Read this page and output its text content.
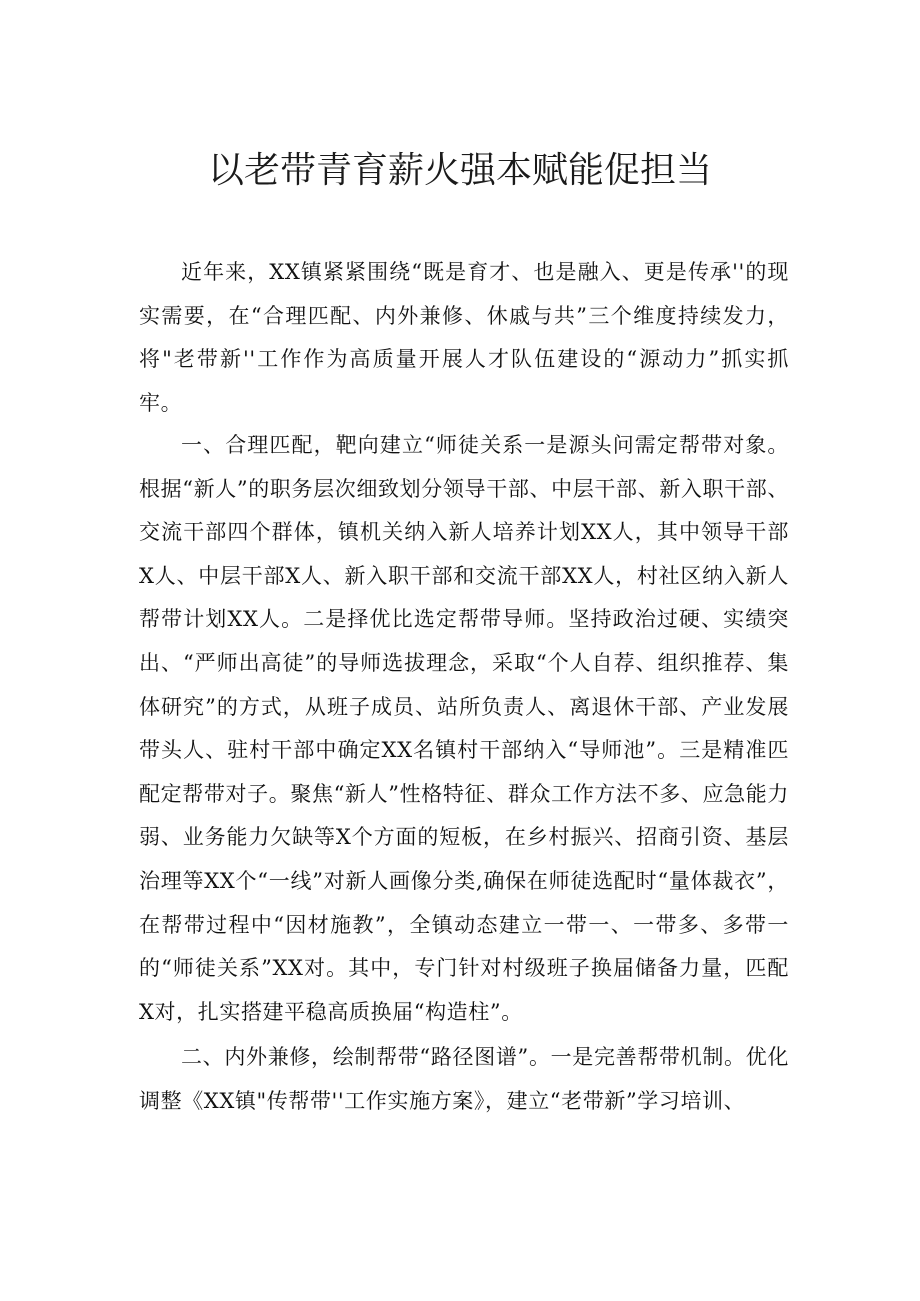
以老带青育薪火强本赋能促担当

近年来，XX镇紧紧围绕“既是育才、也是融入、更是传承''的现实需要，在“合理匹配、内外兼修、休戚与共”三个维度持续发力，将"老带新''工作作为高质量开展人才队伍建设的“源动力”抓实抓牢。

一、合理匹配，靶向建立“师徒关系一是源头问需定帮带对象。根据“新人”的职务层次细致划分领导干部、中层干部、新入职干部、交流干部四个群体，镇机关纳入新人培养计划XX人，其中领导干部X人、中层干部X人、新入职干部和交流干部XX人，村社区纳入新人帮带计划XX人。二是择优比选定帮带导师。坚持政治过硬、实绩突出、“严师出高徒”的导师选拔理念，采取“个人自荐、组织推荐、集体研究”的方式，从班子成员、站所负责人、离退休干部、产业发展带头人、驻村干部中确定XX名镇村干部纳入“导师池”。三是精准匹配定帮带对子。聚焦“新人”性格特征、群众工作方法不多、应急能力弱、业务能力欠缺等X个方面的短板，在乡村振兴、招商引资、基层治理等XX个“一线”对新人画像分类,确保在师徒选配时“量体裁衣”，在帮带过程中“因材施教”，全镇动态建立一带一、一带多、多带一的“师徒关系”XX对。其中，专门针对村级班子换届储备力量，匹配X对，扎实搭建平稳高质换届“构造柱”。

二、内外兼修，绘制帮带“路径图谱”。一是完善帮带机制。优化调整《XX镇"传帮带''工作实施方案》，建立“老带新”学习培训、
